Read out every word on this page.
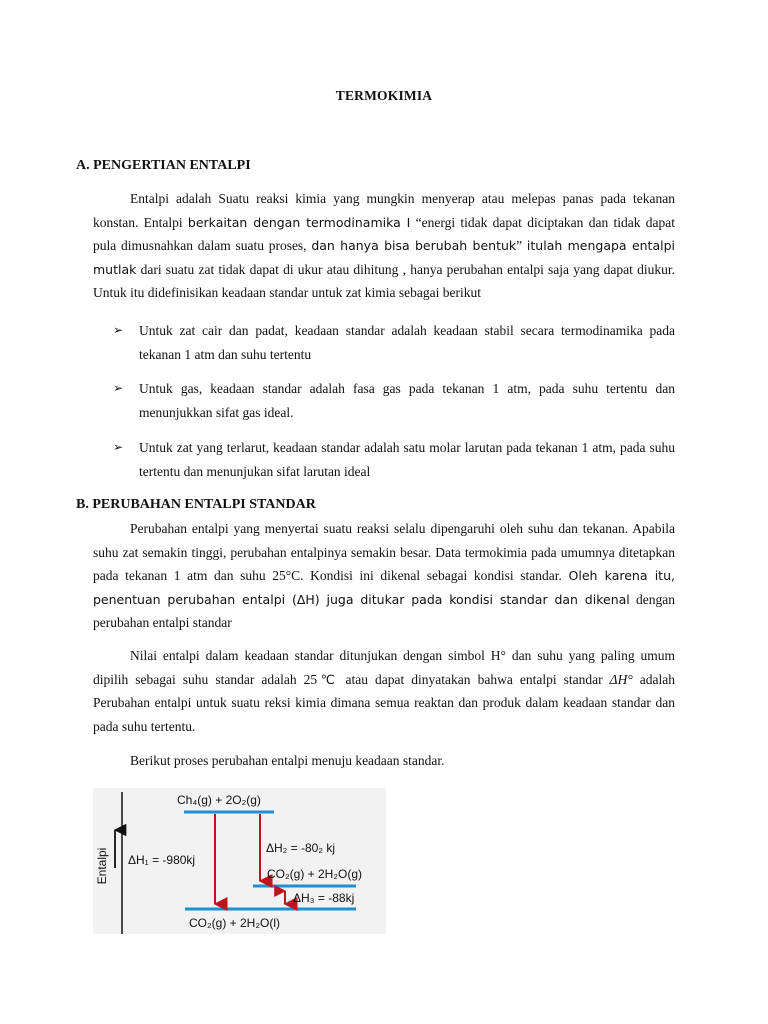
TERMOKIMIA
A. PENGERTIAN ENTALPI
Entalpi adalah Suatu reaksi kimia yang mungkin menyerap atau melepas panas pada tekanan konstan. Entalpi berkaitan dengan termodinamika I “energi tidak dapat diciptakan dan tidak dapat pula dimusnahkan dalam suatu proses, dan hanya bisa berubah bentuk” itulah mengapa entalpi mutlak dari suatu zat tidak dapat di ukur atau dihitung , hanya perubahan entalpi saja yang dapat diukur. Untuk itu didefinisikan keadaan standar untuk zat kimia sebagai berikut
➢	Untuk zat cair dan padat, keadaan standar adalah keadaan stabil secara termodinamika pada tekanan 1 atm dan suhu tertentu
➢	Untuk gas, keadaan standar adalah fasa gas pada tekanan 1 atm, pada suhu tertentu dan menunjukkan sifat gas ideal.
➢	Untuk zat yang terlarut, keadaan standar adalah satu molar larutan pada tekanan 1 atm, pada suhu tertentu dan menunjukan sifat larutan ideal
B. PERUBAHAN ENTALPI STANDAR
Perubahan entalpi yang menyertai suatu reaksi selalu dipengaruhi oleh suhu dan tekanan. Apabila suhu zat semakin tinggi, perubahan entalpinya semakin besar. Data termokimia pada umumnya ditetapkan pada tekanan 1 atm dan suhu 25°C. Kondisi ini dikenal sebagai kondisi standar. Oleh karena itu, penentuan perubahan entalpi (ΔH) juga ditukar pada kondisi standar dan dikenal dengan perubahan entalpi standar
Nilai entalpi dalam keadaan standar ditunjukan dengan simbol H° dan suhu yang paling umum dipilih sebagai suhu standar adalah 25℃ atau dapat dinyatakan bahwa entalpi standar ΔH° adalah Perubahan entalpi untuk suatu reksi kimia dimana semua reaktan dan produk dalam keadaan standar dan pada suhu tertentu.
Berikut proses perubahan entalpi menuju keadaan standar.
Entalpi
Ch₄(g) + 2O₂(g)
CO₂(g) + 2H₂O(g)
CO₂(g) + 2H₂O(l)
ΔH₁ = -980kj
ΔH₂ = -80₂ kj
ΔH₃ = -88kj
